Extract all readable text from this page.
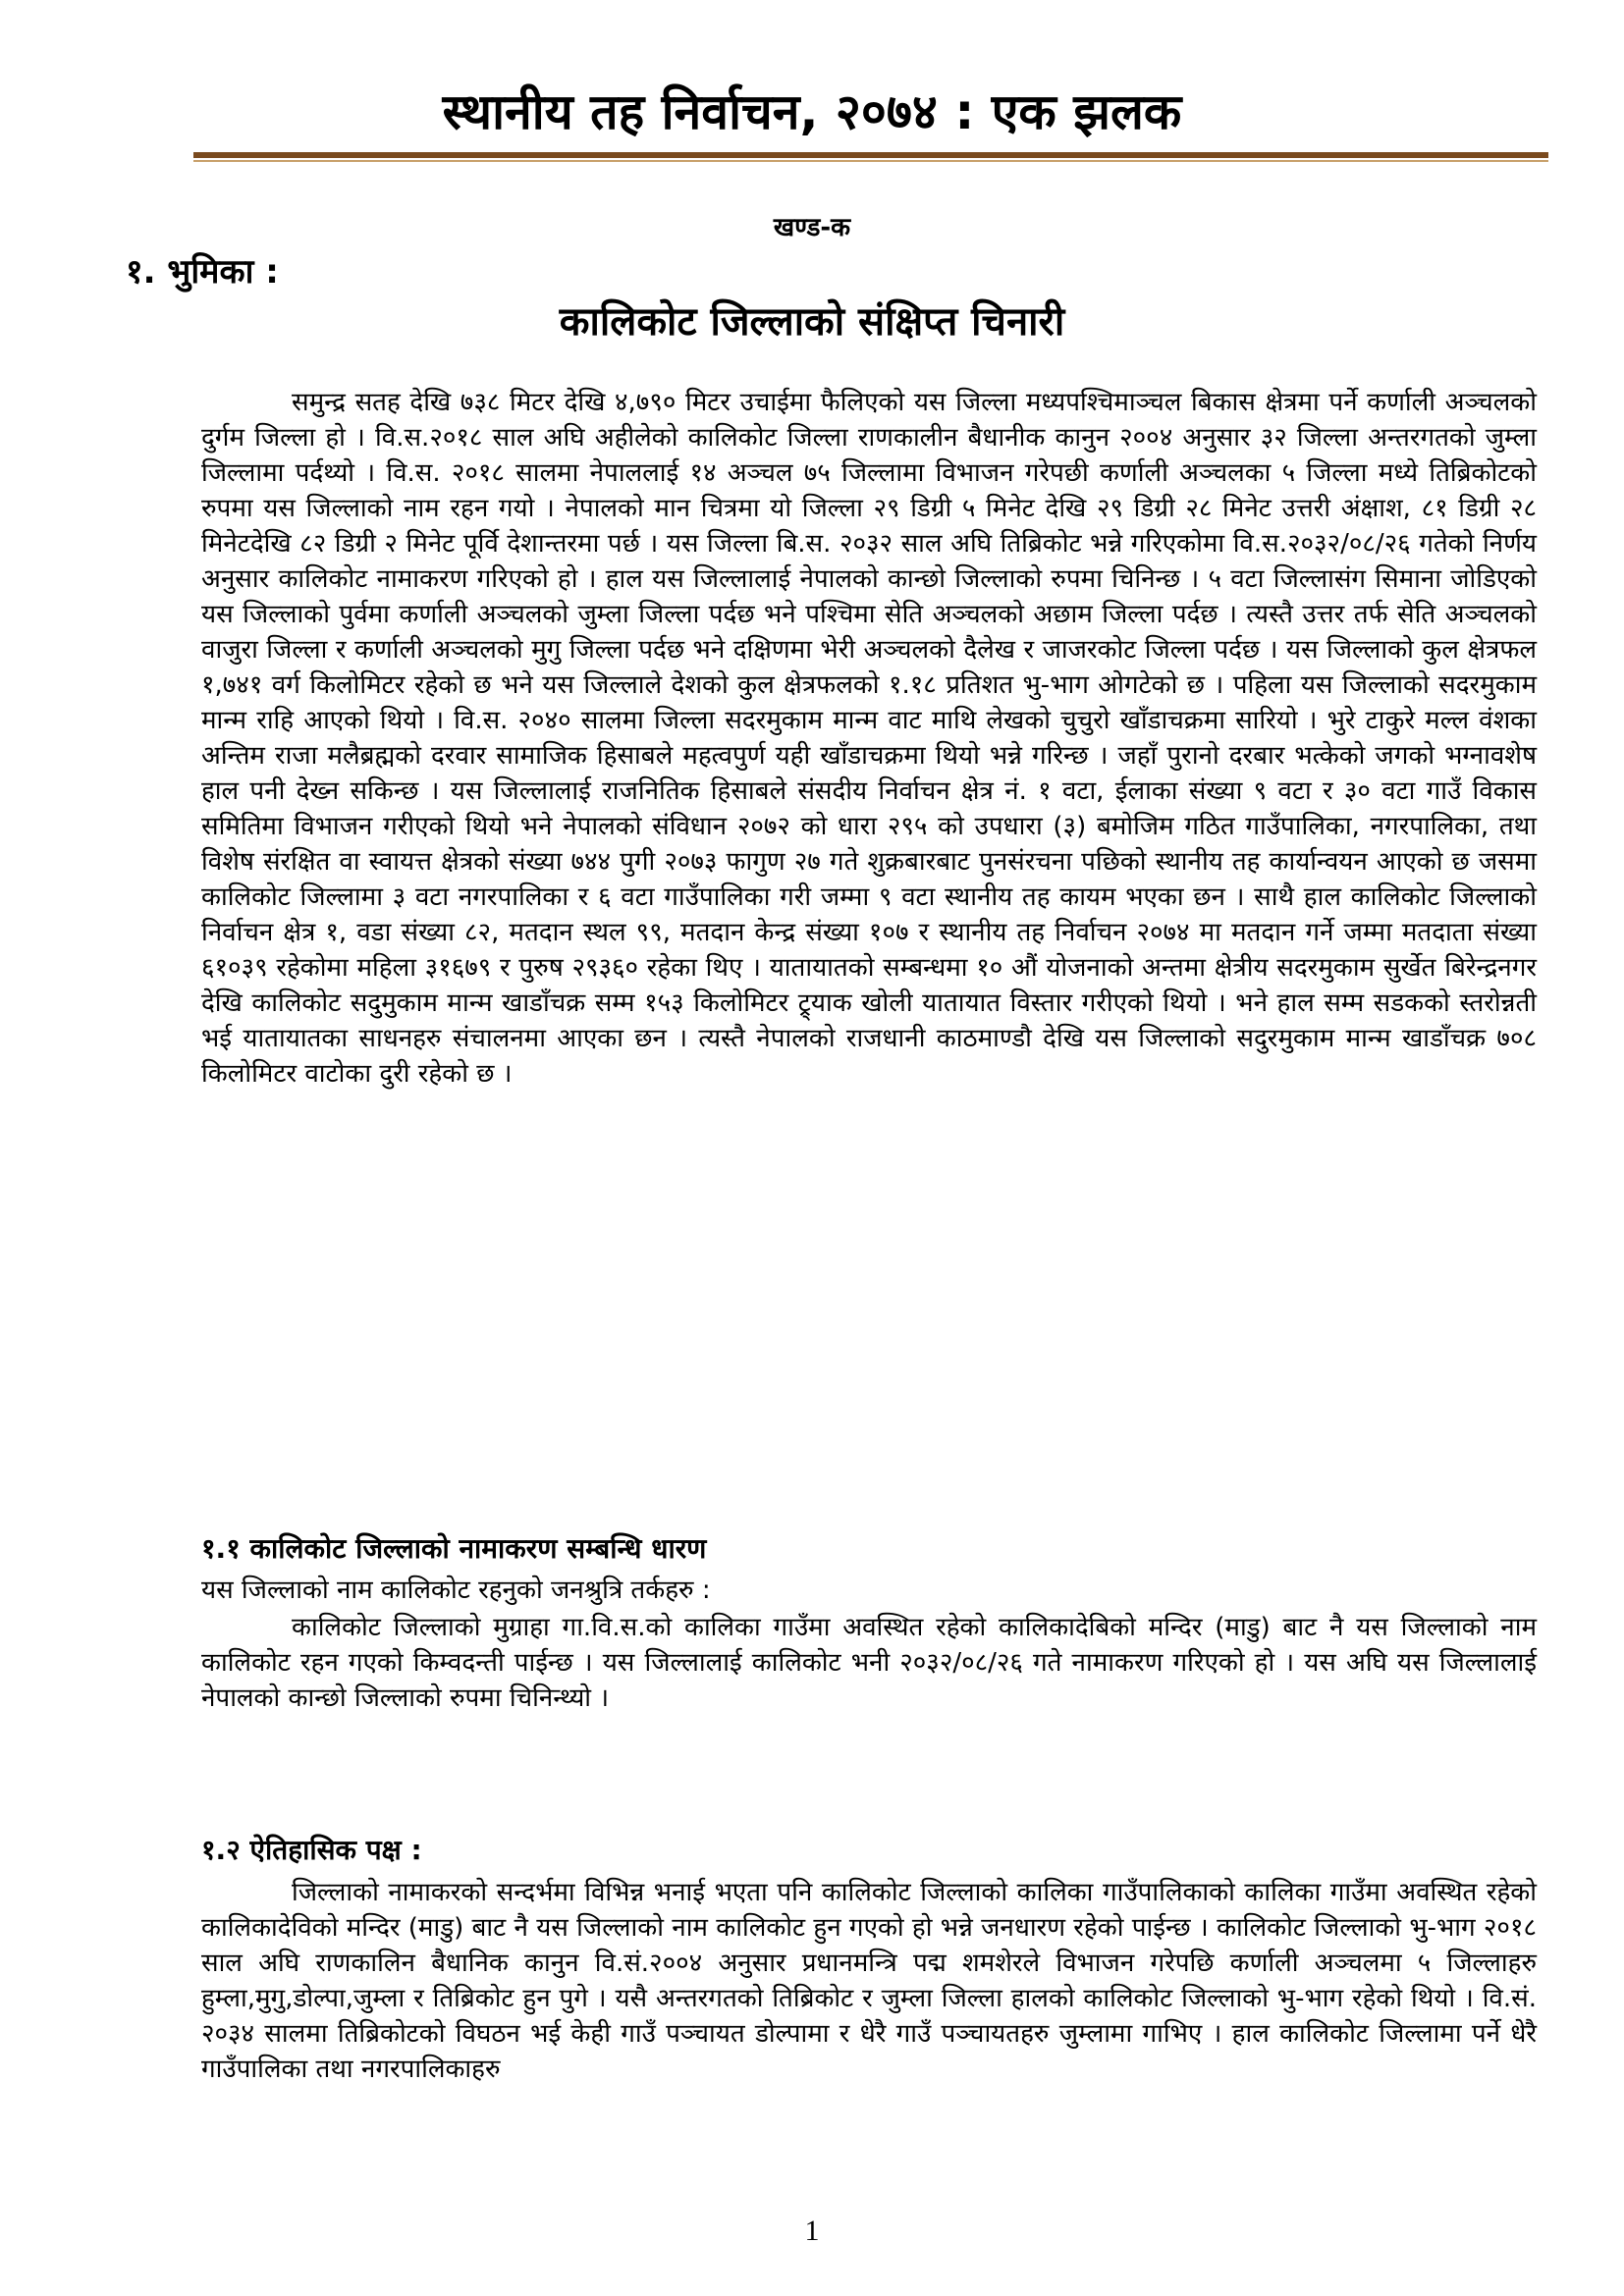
स्थानीय तह निर्वाचन, २०७४ : एक झलक
खण्ड-क
१. भुमिका :
कालिकोट जिल्लाको संक्षिप्त चिनारी

समुन्द्र सतह देखि ७३८ मिटर देखि ४,७९० मिटर उचाईमा फैलिएको यस जिल्ला मध्यपश्चिमाञ्चल बिकास क्षेत्रमा पर्ने कर्णाली अञ्चलको दुर्गम जिल्ला हो । वि.स.२०१८ साल अघि अहीलेको कालिकोट जिल्ला राणकालीन बैधानीक कानुन २००४ अनुसार ३२ जिल्ला अन्तरगतको जुम्ला जिल्लामा पर्दथ्यो । वि.स. २०१८ सालमा नेपाललाई १४ अञ्चल ७५ जिल्लामा विभाजन गरेपछी कर्णाली अञ्चलका ५ जिल्ला मध्ये तिब्रिकोटको रुपमा यस जिल्लाको नाम रहन गयो । नेपालको मान चित्रमा यो जिल्ला २९ डिग्री ५ मिनेट देखि २९ डिग्री २८ मिनेट उत्तरी अंक्षाश, ८१ डिग्री २८ मिनेटदेखि ८२ डिग्री २ मिनेट पूर्वि देशान्तरमा पर्छ । यस जिल्ला बि.स. २०३२ साल अघि तिब्रिकोट भन्ने गरिएकोमा वि.स.२०३२/०८/२६ गतेको निर्णय अनुसार कालिकोट नामाकरण गरिएको हो । हाल यस जिल्लालाई नेपालको कान्छो जिल्लाको रुपमा चिनिन्छ । ५ वटा जिल्लासंग सिमाना जोडिएको यस जिल्लाको पुर्वमा कर्णाली अञ्चलको जुम्ला जिल्ला पर्दछ भने पश्चिमा सेति अञ्चलको अछाम जिल्ला पर्दछ । त्यस्तै उत्तर तर्फ सेति अञ्चलको वाजुरा जिल्ला र कर्णाली अञ्चलको मुगु जिल्ला पर्दछ भने दक्षिणमा भेरी अञ्चलको दैलेख र जाजरकोट जिल्ला पर्दछ । यस जिल्लाको कुल क्षेत्रफल १,७४१ वर्ग किलोमिटर रहेको छ भने यस जिल्लाले देशको कुल क्षेत्रफलको १.१८ प्रतिशत भु-भाग ओगटेको छ । पहिला यस जिल्लाको सदरमुकाम मान्म राहि आएको थियो । वि.स. २०४० सालमा जिल्ला सदरमुकाम मान्म वाट माथि लेखको चुचुरो खाँडाचक्रमा सारियो । भुरे टाकुरे मल्ल वंशका अन्तिम राजा मलैब्रह्मको दरवार सामाजिक हिसाबले महत्वपुर्ण यही खाँडाचक्रमा थियो भन्ने गरिन्छ । जहाँ पुरानो दरबार भत्केको जगको भग्नावशेष हाल पनी देख्न सकिन्छ । यस जिल्लालाई राजनितिक हिसाबले संसदीय निर्वाचन क्षेत्र नं. १ वटा, ईलाका संख्या ९ वटा र ३० वटा गाउँ विकास समितिमा विभाजन गरीएको थियो भने नेपालको संविधान २०७२ को धारा २९५ को उपधारा (३) बमोजिम गठित गाउँपालिका, नगरपालिका, तथा विशेष संरक्षित वा स्वायत्त क्षेत्रको संख्या ७४४ पुगी २०७३ फागुण २७ गते शुक्रबारबाट पुनसंरचना पछिको स्थानीय तह कार्यान्वयन आएको छ जसमा कालिकोट जिल्लामा ३ वटा नगरपालिका र ६ वटा गाउँपालिका गरी जम्मा ९ वटा स्थानीय तह कायम भएका छन । साथै हाल कालिकोट जिल्लाको निर्वाचन क्षेत्र १, वडा संख्या ८२, मतदान स्थल ९९, मतदान केन्द्र संख्या १०७ र स्थानीय तह निर्वाचन २०७४ मा मतदान गर्ने जम्मा मतदाता संख्या ६१०३९ रहेकोमा महिला ३१६७९ र पुरुष २९३६० रहेका थिए । यातायातको सम्बन्धमा १० औं योजनाको अन्तमा क्षेत्रीय सदरमुकाम सुर्खेत बिरेन्द्रनगर देखि कालिकोट सदुमुकाम मान्म खाडाँचक्र सम्म १५३ किलोमिटर ट्र्याक खोली यातायात विस्तार गरीएको थियो । भने हाल सम्म सडकको स्तरोन्नती भई यातायातका साधनहरु संचालनमा आएका छन । त्यस्तै नेपालको राजधानी काठमाण्डौ देखि यस जिल्लाको सदुरमुकाम मान्म खाडाँचक्र ७०८ किलोमिटर वाटोका दुरी रहेको छ ।

१.१ कालिकोट जिल्लाको नामाकरण सम्बन्धि धारण
यस जिल्लाको नाम कालिकोट रहनुको जनश्रुत्रि तर्कहरु :

कालिकोट जिल्लाको मुग्राहा गा.वि.स.को कालिका गाउँमा अवस्थित रहेको कालिकादेबिको मन्दिर (माडु) बाट नै यस जिल्लाको नाम कालिकोट रहन गएको किम्वदन्ती पाईन्छ । यस जिल्लालाई कालिकोट भनी २०३२/०८/२६ गते नामाकरण गरिएको हो । यस अघि यस जिल्लालाई नेपालको कान्छो जिल्लाको रुपमा चिनिन्थ्यो ।

१.२ ऐतिहासिक पक्ष :

जिल्लाको नामाकरको सन्दर्भमा विभिन्न भनाई भएता पनि कालिकोट जिल्लाको कालिका गाउँपालिकाको कालिका गाउँमा अवस्थित रहेको कालिकादेविको मन्दिर (माडु) बाट नै यस जिल्लाको नाम कालिकोट हुन गएको हो भन्ने जनधारण रहेको पाईन्छ । कालिकोट जिल्लाको भु-भाग २०१८ साल अघि राणकालिन बैधानिक कानुन वि.सं.२००४ अनुसार प्रधानमन्त्रि पद्म शमशेरले विभाजन गरेपछि कर्णाली अञ्चलमा ५ जिल्लाहरु हुम्ला,मुगु,डोल्पा,जुम्ला र तिब्रिकोट हुन पुगे । यसै अन्तरगतको तिब्रिकोट र जुम्ला जिल्ला हालको कालिकोट जिल्लाको भु-भाग रहेको थियो । वि.सं. २०३४ सालमा तिब्रिकोटको विघठन भई केही गाउँ पञ्चायत डोल्पामा र धेरै गाउँ पञ्चायतहरु जुम्लामा गाभिए । हाल कालिकोट जिल्लामा पर्ने धेरै गाउँपालिका तथा नगरपालिकाहरु

1
